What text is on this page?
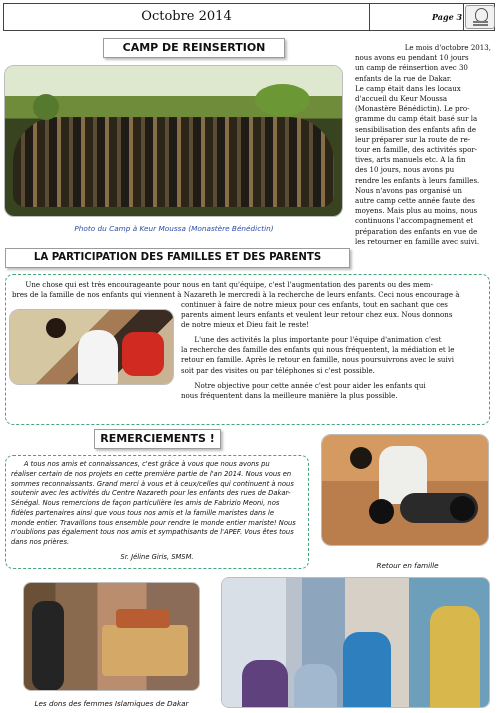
Octobre 2014	Page 3
CAMP DE REINSERTION
Photo du Camp à Keur Moussa (Monastère Bénédictin)
Le mois d'octobre 2013,
nous avons eu pendant 10 jours
un camp de réinsertion avec 30
enfants de la rue de Dakar.
Le camp était dans les locaux
d'accueil du Keur Moussa
(Monastère Bénédictin). Le pro-
gramme du camp était basé sur la
sensibilisation des enfants afin de
leur préparer sur la route de re-
tour en famille, des activités spor-
tives, arts manuels etc. A la fin
des 10 jours, nous avons pu
rendre les enfants à leurs familles.
Nous n'avons pas organisé un
autre camp cette année faute des
moyens. Mais plus au moins, nous
continuons l'accompagnement et
préparation des enfants en vue de
les retourner en famille avec suivi.
LA PARTICIPATION DES FAMILLES ET DES PARENTS
Une chose qui est très encourageante pour nous en tant qu'équipe, c'est l'augmentation des parents ou des mem-
bres de la famille de nos enfants qui viennent à Nazareth le mercredi à la recherche de leurs enfants. Ceci nous encourage à
continuer à faire de notre mieux pour ces enfants, tout en sachant que ces
parents aiment leurs enfants et veulent leur retour chez eux. Nous donnons
de notre mieux et Dieu fait le reste!
L'une des activités la plus importante pour l'équipe d'animation c'est
la recherche des famille des enfants qui nous fréquentent, la médiation et le
retour en famille. Après le retour en famille, nous poursuivrons avec le suivi
soit par des visites ou par téléphones si c'est possible.
Notre objective pour cette année c'est pour aider les enfants qui
nous fréquentent dans la meilleure manière la plus possible.
REMERCIEMENTS !
A tous nos amis et connaissances, c'est grâce à vous que nous avons pu
réaliser certain de nos projets en cette première partie de l'an 2014. Nous vous en
sommes reconnaissants. Grand merci à vous et à ceux/celles qui continuent à nous
soutenir avec les activités du Centre Nazareth pour les enfants des rues de Dakar-
Sénégal. Nous remercions de façon particulière les amis de Fabrizio Meoni, nos
fidèles partenaires ainsi que vous tous nos amis et la famille maristes dans le
monde entier. Travaillons tous ensemble pour rendre le monde entier mariste! Nous
n'oublions pas également tous nos amis et sympathisants de l'APEF. Vous êtes tous
dans nos prières.
Sr. Jéline Giris, SMSM.
Retour en famille
Les dons des femmes Islamiques de Dakar
